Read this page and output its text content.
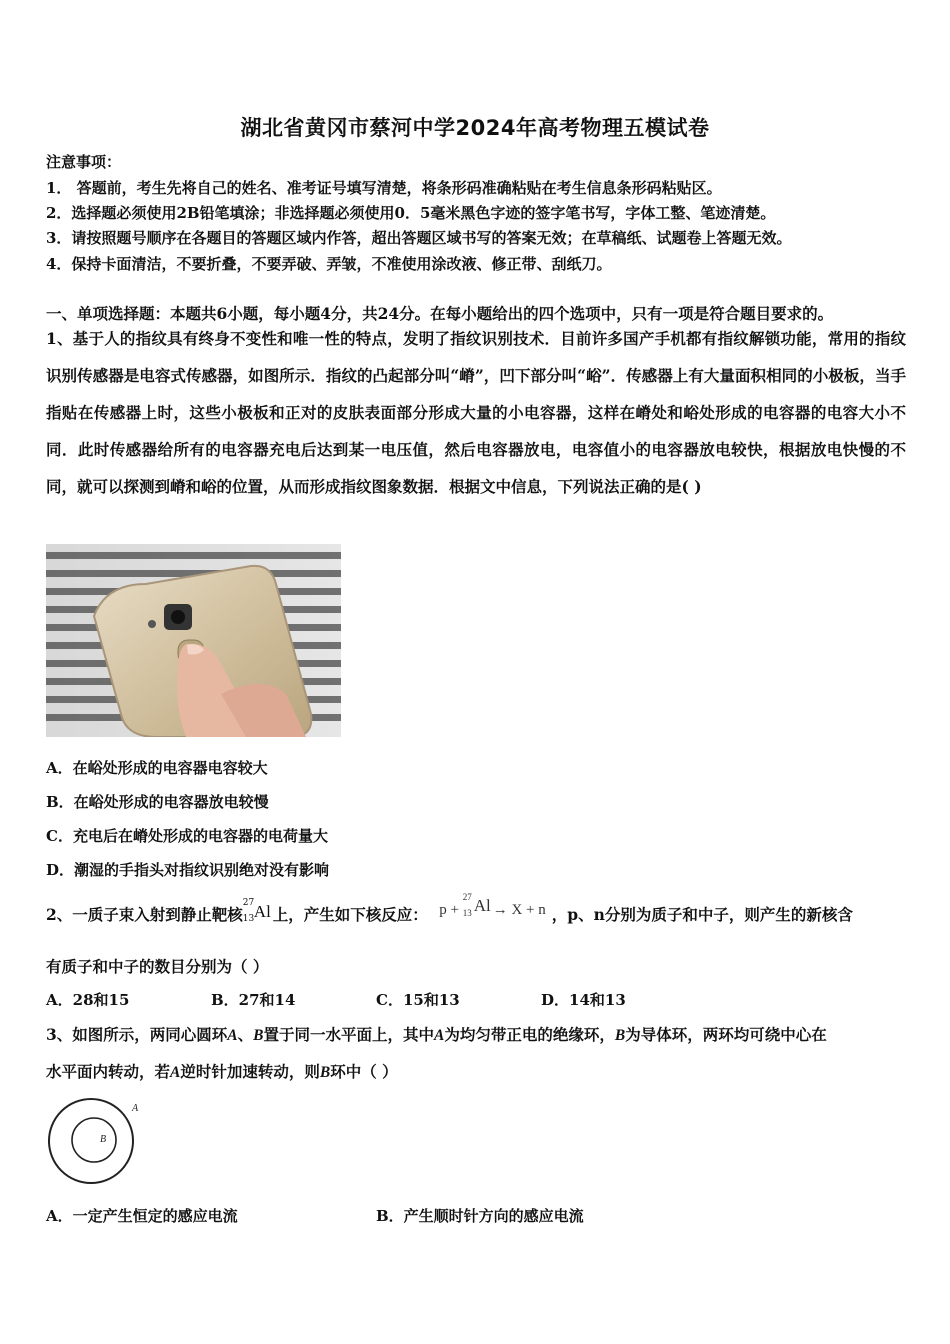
湖北省黄冈市蔡河中学2024年高考物理五模试卷
注意事项：
1． 答题前，考生先将自己的姓名、准考证号填写清楚，将条形码准确粘贴在考生信息条形码粘贴区。
2．选择题必须使用2B铅笔填涂；非选择题必须使用0．5毫米黑色字迹的签字笔书写，字体工整、笔迹清楚。
3．请按照题号顺序在各题目的答题区域内作答，超出答题区域书写的答案无效；在草稿纸、试题卷上答题无效。
4．保持卡面清洁，不要折叠，不要弄破、弄皱，不准使用涂改液、修正带、刮纸刀。
一、单项选择题：本题共6小题，每小题4分，共24分。在每小题给出的四个选项中，只有一项是符合题目要求的。
1、基于人的指纹具有终身不变性和唯一性的特点，发明了指纹识别技术．目前许多国产手机都有指纹解锁功能，常用的指纹识别传感器是电容式传感器，如图所示．指纹的凸起部分叫“嵴”，凹下部分叫“峪”．传感器上有大量面积相同的小极板，当手指贴在传感器上时，这些小极板和正对的皮肤表面部分形成大量的小电容器，这样在嵴处和峪处形成的电容器的电容大小不同．此时传感器给所有的电容器充电后达到某一电压值，然后电容器放电，电容值小的电容器放电较快，根据放电快慢的不同，就可以探测到嵴和峪的位置，从而形成指纹图象数据．根据文中信息，下列说法正确的是( )
A．在峪处形成的电容器电容较大
B．在峪处形成的电容器放电较慢
C．充电后在嵴处形成的电容器的电荷量大
D．潮湿的手指头对指纹识别绝对没有影响
2、一质子束入射到静止靶核
27
13 Al 上，产生如下核反应： p +
27
13 Al → X + n ，p、n分别为质子和中子，则产生的新核含
有质子和中子的数目分别为（ ）
A．28和15	B．27和14	C．15和13	D．14和13
3、如图所示，两同心圆环A、B置于同一水平面上，其中A为均匀带正电的绝缘环，B为导体环，两环均可绕中心在
水平面内转动，若A逆时针加速转动，则B环中（ ）
B
A
A．一定产生恒定的感应电流	B．产生顺时针方向的感应电流
